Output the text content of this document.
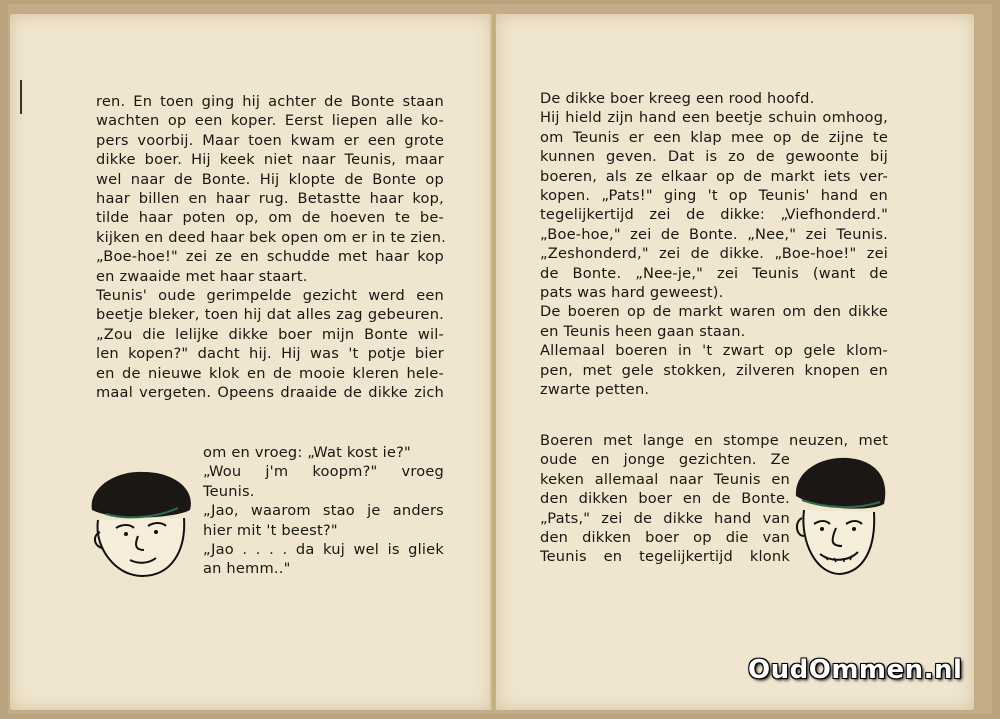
ren. En toen ging hij achter de Bonte staan
wachten op een koper. Eerst liepen alle ko-
pers voorbij. Maar toen kwam er een grote
dikke boer. Hij keek niet naar Teunis, maar
wel naar de Bonte. Hij klopte de Bonte op
haar billen en haar rug. Betastte haar kop,
tilde haar poten op, om de hoeven te be-
kijken en deed haar bek open om er in te zien.
„Boe-hoe!" zei ze en schudde met haar kop
en zwaaide met haar staart.
Teunis' oude gerimpelde gezicht werd een
beetje bleker, toen hij dat alles zag gebeuren.
„Zou die lelijke dikke boer mijn Bonte wil-
len kopen?" dacht hij. Hij was 't potje bier
en de nieuwe klok en de mooie kleren hele-
maal vergeten. Opeens draaide de dikke zich
om en vroeg: „Wat kost ie?"
„Wou j'm koopm?" vroeg
Teunis.
„Jao, waarom stao je anders
hier mit 't beest?"
„Jao . . . . da kuj wel is gliek
an hemm.."
De dikke boer kreeg een rood hoofd.
Hij hield zijn hand een beetje schuin omhoog,
om Teunis er een klap mee op de zijne te
kunnen geven. Dat is zo de gewoonte bij
boeren, als ze elkaar op de markt iets ver-
kopen. „Pats!" ging 't op Teunis' hand en
tegelijkertijd zei de dikke: „Viefhonderd."
„Boe-hoe," zei de Bonte. „Nee," zei Teunis.
„Zeshonderd," zei de dikke. „Boe-hoe!" zei
de Bonte. „Nee-je," zei Teunis (want de
pats was hard geweest).
De boeren op de markt waren om den dikke
en Teunis heen gaan staan.
Allemaal boeren in 't zwart op gele klom-
pen, met gele stokken, zilveren knopen en
zwarte petten.
Boeren met lange en stompe neuzen, met
oude en jonge gezichten. Ze
keken allemaal naar Teunis en
den dikken boer en de Bonte.
„Pats," zei de dikke hand van
den dikken boer op die van
Teunis en tegelijkertijd klonk
OudOmmen.nl
